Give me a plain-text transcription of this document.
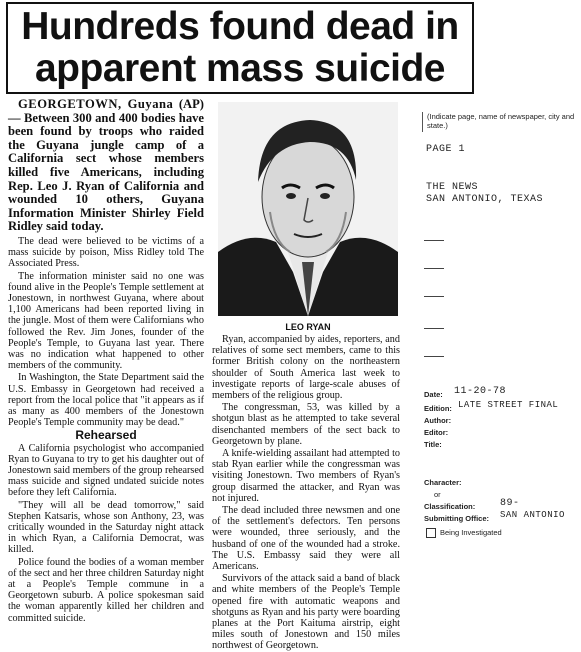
Hundreds found dead in
apparent mass suicide

GEORGETOWN, Guyana (AP) — Between 300 and 400 bodies have been found by troops who raided the Guyana jungle camp of a California sect whose members killed five Americans, including Rep. Leo J. Ryan of California and wounded 10 others, Guyana Information Minister Shirley Field Ridley said today.

The dead were believed to be victims of a mass suicide by poison, Miss Ridley told The Associated Press.

The information minister said no one was found alive in the People's Temple settlement at Jonestown, in northwest Guyana, where about 1,100 Americans had been reported living in the jungle. Most of them were Californians who followed the Rev. Jim Jones, founder of the People's Temple, to Guyana last year. There was no indication what happened to other members of the community.

In Washington, the State Department said the U.S. Embassy in Georgetown had received a report from the local police that "it appears as if as many as 400 members of the Jonestown People's Temple community may be dead."

Rehearsed

A California psychologist who accompanied Ryan to Guyana to try to get his daughter out of Jonestown said members of the group rehearsed mass suicide and signed undated suicide notes before they left California.

"They will all be dead tomorrow," said Stephen Katsaris, whose son Anthony, 23, was critically wounded in the Saturday night attack in which Ryan, a California Democrat, was killed.

Police found the bodies of a woman member of the sect and her three children Saturday night at a People's Temple commune in a Georgetown suburb. A police spokesman said the woman apparently killed her children and committed suicide.

LEO RYAN

Ryan, accompanied by aides, reporters, and relatives of some sect members, came to this former British colony on the northeastern shoulder of South America last week to investigate reports of large-scale abuses of members of the religious group.

The congressman, 53, was killed by a shotgun blast as he attempted to take several disenchanted members of the sect back to Georgetown by plane.

A knife-wielding assailant had attempted to stab Ryan earlier while the congressman was visiting Jonestown. Two members of Ryan's group disarmed the attacker, and Ryan was not injured.

The dead included three newsmen and one of the settlement's defectors. Ten persons were wounded, three seriously, and the husband of one of the wounded had a stroke. The U.S. Embassy said they were all Americans.

Survivors of the attack said a band of black and white members of the People's Temple opened fire with automatic weapons and shotguns as Ryan and his party were boarding planes at the Port Kaituma airstrip, eight miles south of Jonestown and 150 miles northwest of Georgetown.

(Indicate page, name of newspaper, city and state.)
PAGE 1
THE NEWS
SAN ANTONIO, TEXAS
Date: 11-20-78
Edition: LATE STREET FINAL
Author:
Editor:
Title:
Character:
or
Classification: 89-
Submitting Office: SAN ANTONIO
Being Investigated
